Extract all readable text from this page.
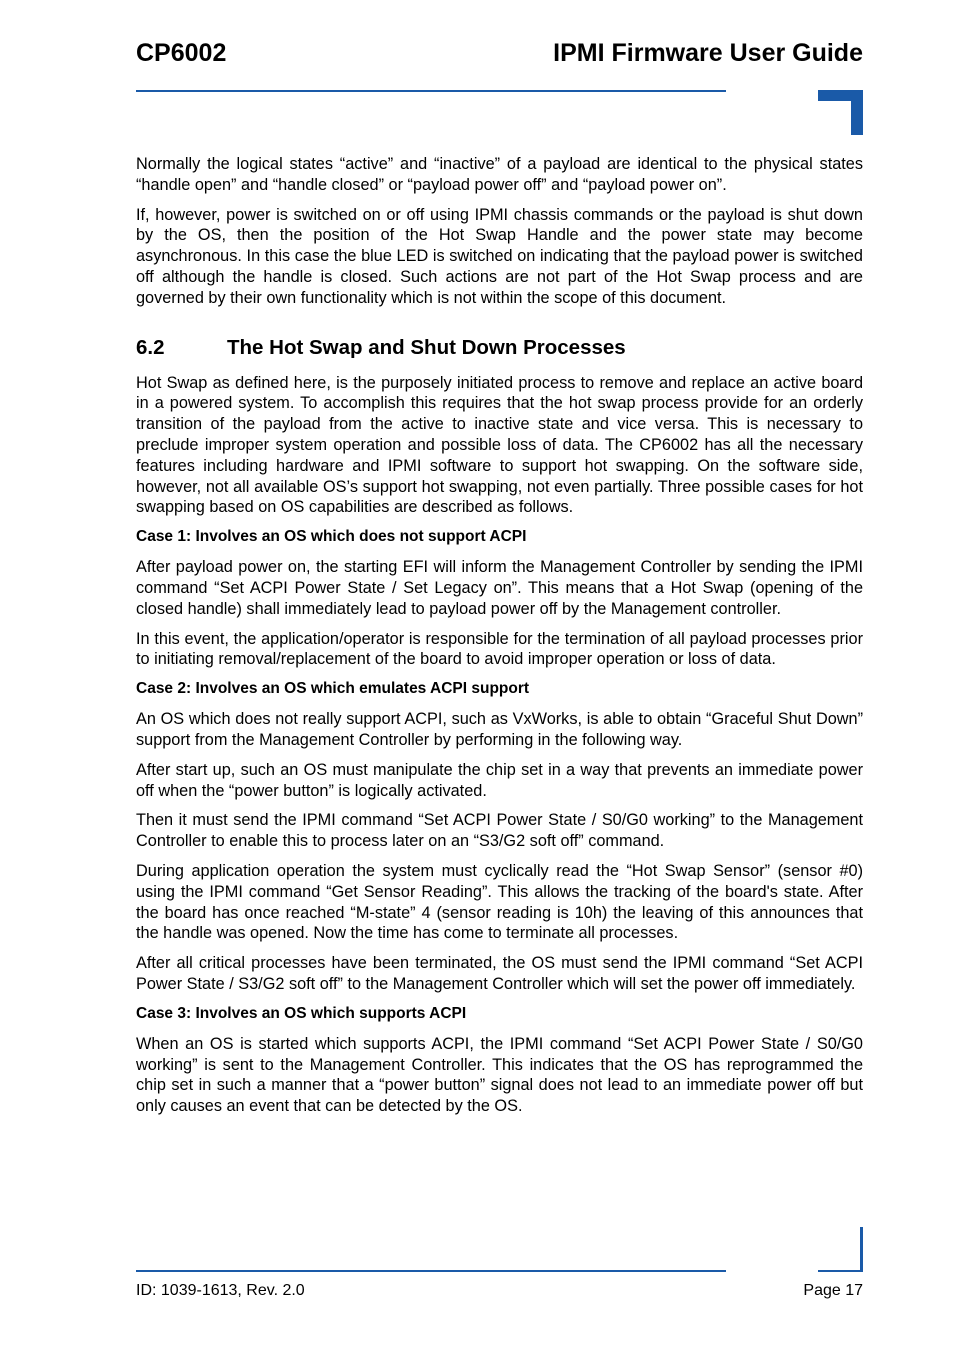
CP6002	IPMI Firmware User Guide

Normally the logical states “active” and “inactive” of a payload are identical to the physical states “handle open” and “handle closed” or “payload power off” and “payload power on”.

If, however, power is switched on or off using IPMI chassis commands or the payload is shut down by the OS, then the position of the Hot Swap Handle and the power state may become asynchronous. In this case the blue LED is switched on indicating that the payload power is switched off although the handle is closed. Such actions are not part of the Hot Swap process and are governed by their own functionality which is not within the scope of this document.

6.2	The Hot Swap and Shut Down Processes

Hot Swap as defined here, is the purposely initiated process to remove and replace an active board in a powered system. To accomplish this requires that the hot swap process provide for an orderly transition of the payload from the active to inactive state and vice versa. This is necessary to preclude improper system operation and possible loss of data. The CP6002 has all the necessary features including hardware and IPMI software to support hot swapping. On the software side, however, not all available OS’s support hot swapping, not even partially. Three possible cases for hot swapping based on OS capabilities are described as follows.

Case 1: Involves an OS which does not support ACPI

After payload power on, the starting EFI will inform the Management Controller by sending the IPMI command “Set ACPI Power State / Set Legacy on”. This means that a Hot Swap (opening of the closed handle) shall immediately lead to payload power off by the Management controller.

In this event, the application/operator is responsible for the termination of all payload processes prior to initiating removal/replacement of the board to avoid improper operation or loss of data.

Case 2: Involves an OS which emulates ACPI support

An OS which does not really support ACPI, such as VxWorks, is able to obtain “Graceful Shut Down” support from the Management Controller by performing in the following way.

After start up, such an OS must manipulate the chip set in a way that prevents an immediate power off when the “power button” is logically activated.

Then it must send the IPMI command “Set ACPI Power State / S0/G0 working” to the Management Controller to enable this to process later on an “S3/G2 soft off” command.

During application operation the system must cyclically read the “Hot Swap Sensor” (sensor #0) using the IPMI command “Get Sensor Reading”. This allows the tracking of the board's state. After the board has once reached “M-state” 4 (sensor reading is 10h) the leaving of this announces that the handle was opened. Now the time has come to terminate all processes.

After all critical processes have been terminated, the OS must send the IPMI command “Set ACPI Power State / S3/G2 soft off” to the Management Controller which will set the power off immediately.

Case 3: Involves an OS which supports ACPI

When an OS is started which supports ACPI, the IPMI command “Set ACPI Power State / S0/G0 working” is sent to the Management Controller. This indicates that the OS has reprogrammed the chip set in such a manner that a “power button” signal does not lead to an immediate power off but only causes an event that can be detected by the OS.

ID: 1039-1613, Rev. 2.0	Page 17
